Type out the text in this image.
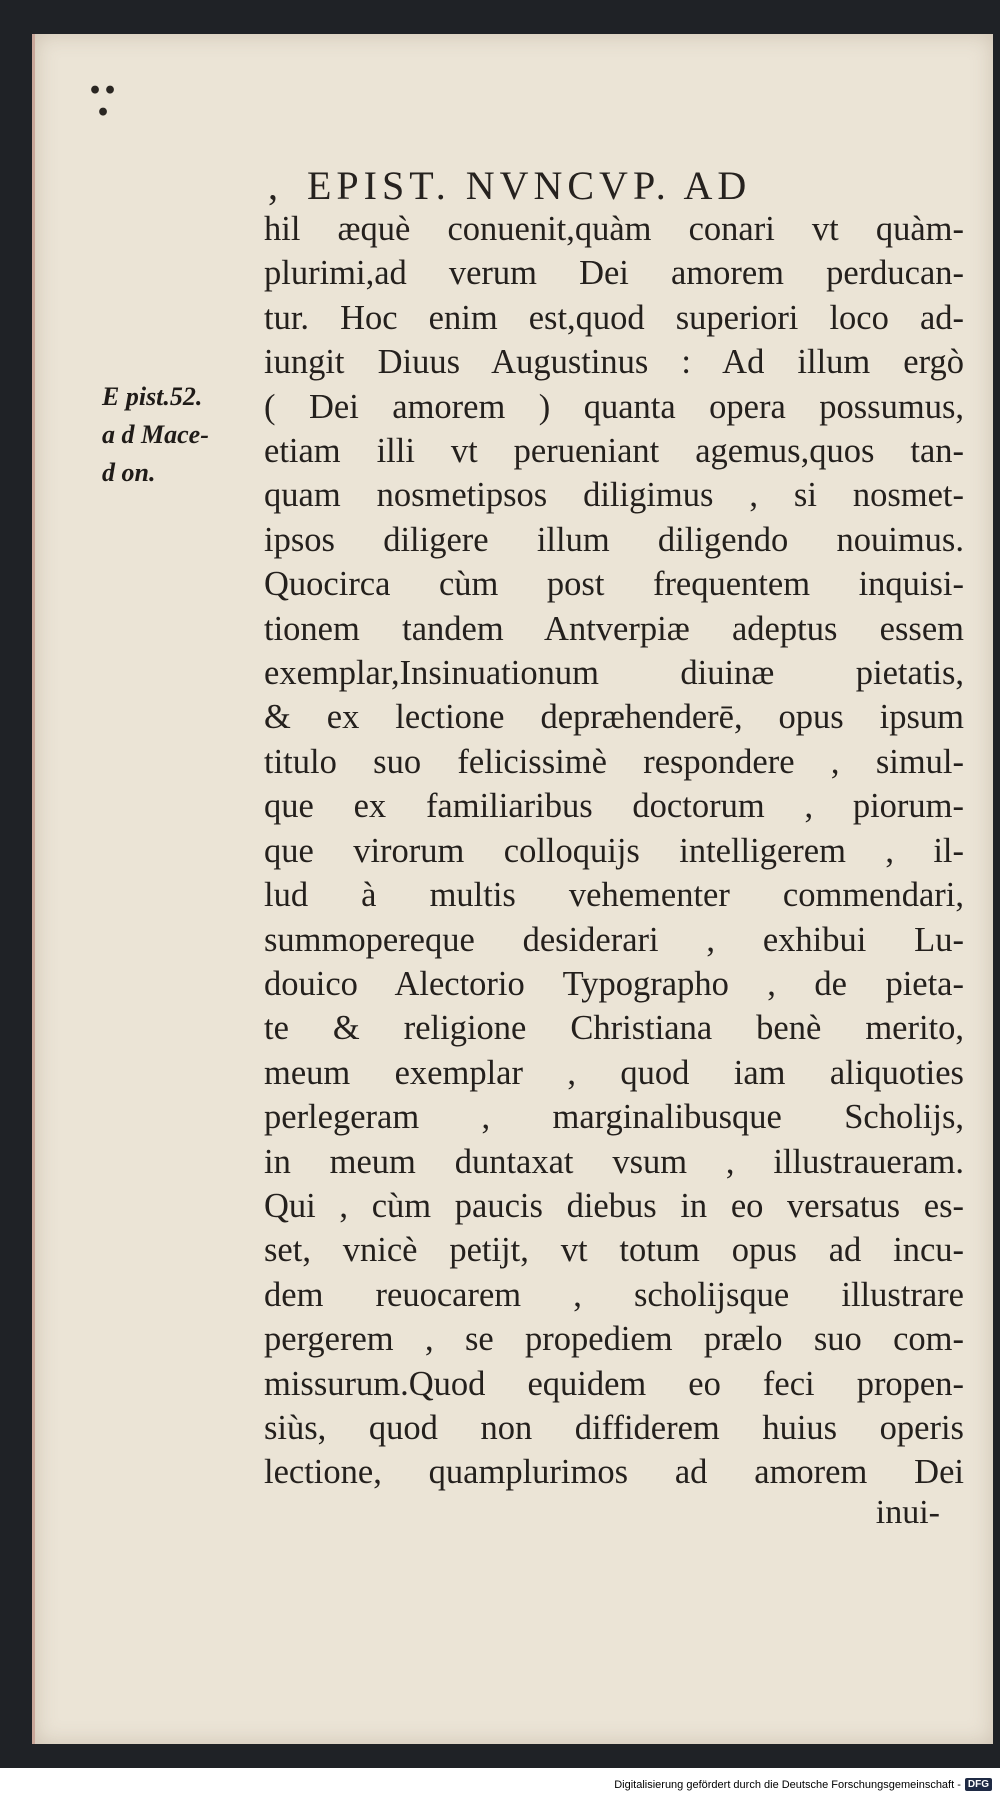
••
•
, EPIST. NVNCVP. AD
E pist.52.
a d Mace-
d on.
hil æquè conuenit,quàm conari vt quàm-
plurimi,ad verum Dei amorem perducan-
tur. Hoc enim est,quod superiori loco ad-
iungit Diuus Augustinus : Ad illum ergò
( Dei amorem ) quanta opera possumus,
etiam illi vt perueniant agemus,quos tan-
quam nosmetipsos diligimus , si nosmet-
ipsos diligere illum diligendo nouimus.
Quocirca cùm post frequentem inquisi-
tionem tandem Antverpiæ adeptus essem
exemplar,Insinuationum diuinæ pietatis,
& ex lectione depræhenderē, opus ipsum
titulo suo felicissimè respondere , simul-
que ex familiaribus doctorum , piorum-
que virorum colloquijs intelligerem , il-
lud à multis vehementer commendari,
summopereque desiderari , exhibui Lu-
douico Alectorio Typographo , de pieta-
te & religione Christiana benè merito,
meum exemplar , quod iam aliquoties
perlegeram , marginalibusque Scholijs,
in meum duntaxat vsum , illustraueram.
Qui , cùm paucis diebus in eo versatus es-
set, vnicè petijt, vt totum opus ad incu-
dem reuocarem , scholijsque illustrare
pergerem , se propediem prælo suo com-
missurum.Quod equidem eo feci propen-
siùs, quod non diffiderem huius operis
lectione, quamplurimos ad amorem Dei
inui-
Digitalisierung gefördert durch die Deutsche Forschungsgemeinschaft - DFG
